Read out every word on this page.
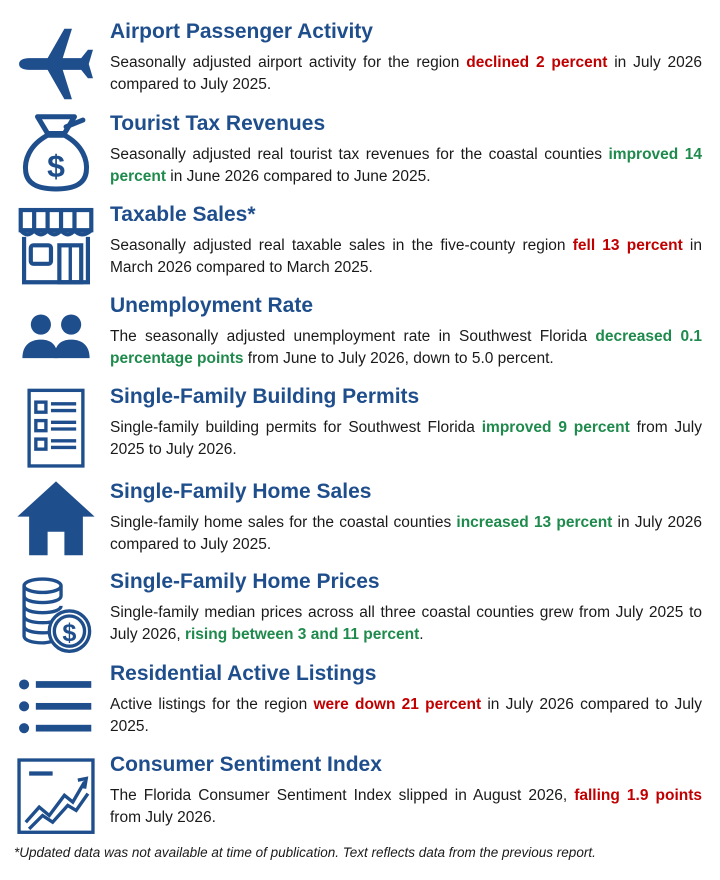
Airport Passenger Activity

Seasonally adjusted airport activity for the region declined 2 percent in July 2026 compared to July 2025.

$
Tourist Tax Revenues

Seasonally adjusted real tourist tax revenues for the coastal counties improved 14 percent in June 2026 compared to June 2025.

Taxable Sales*

Seasonally adjusted real taxable sales in the five-county region fell 13 percent in March 2026 compared to March 2025.

Unemployment Rate

The seasonally adjusted unemployment rate in Southwest Florida decreased 0.1 percentage points from June to July 2026, down to 5.0 percent.

Single-Family Building Permits

Single-family building permits for Southwest Florida improved 9 percent from July 2025 to July 2026.

Single-Family Home Sales

Single-family home sales for the coastal counties increased 13 percent in July 2026 compared to July 2025.

$
Single-Family Home Prices

Single-family median prices across all three coastal counties grew from July 2025 to July 2026, rising between 3 and 11 percent.

Residential Active Listings

Active listings for the region were down 21 percent in July 2026 compared to July 2025.

Consumer Sentiment Index

The Florida Consumer Sentiment Index slipped in August 2026, falling 1.9 points from July 2026.

*Updated data was not available at time of publication. Text reflects data from the previous report.
